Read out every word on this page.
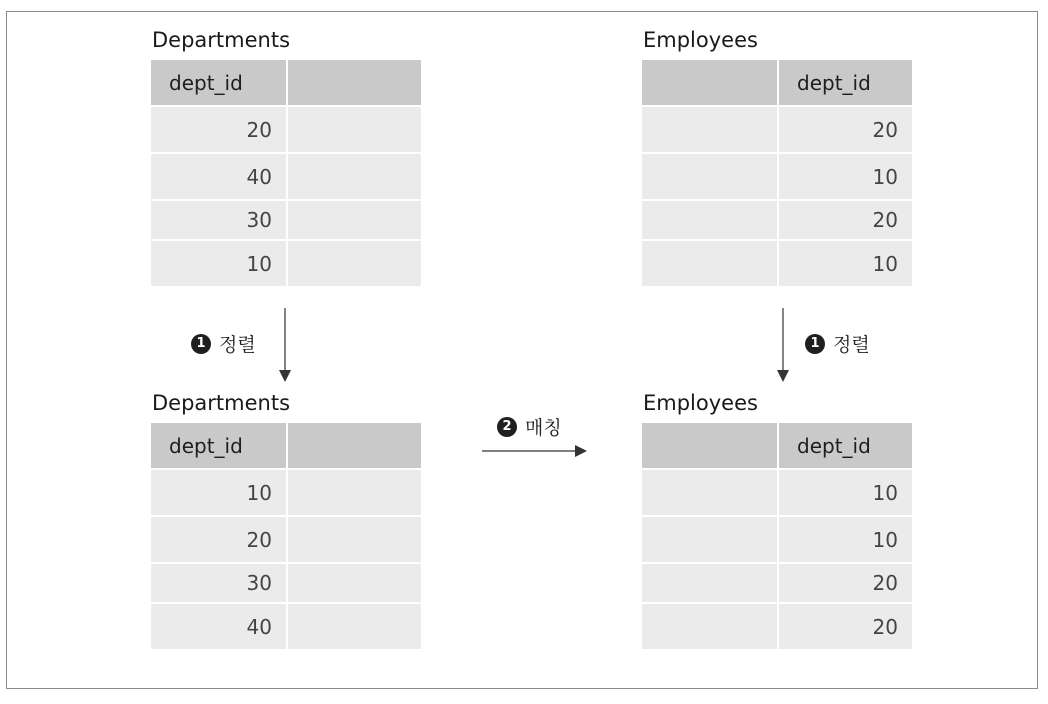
Departments
dept_id
20
40
30
10
Employees
dept_id
20
10
20
10
Departments
dept_id
10
20
30
40
Employees
dept_id
10
10
20
20
1 정렬	1 정렬
2 매칭
